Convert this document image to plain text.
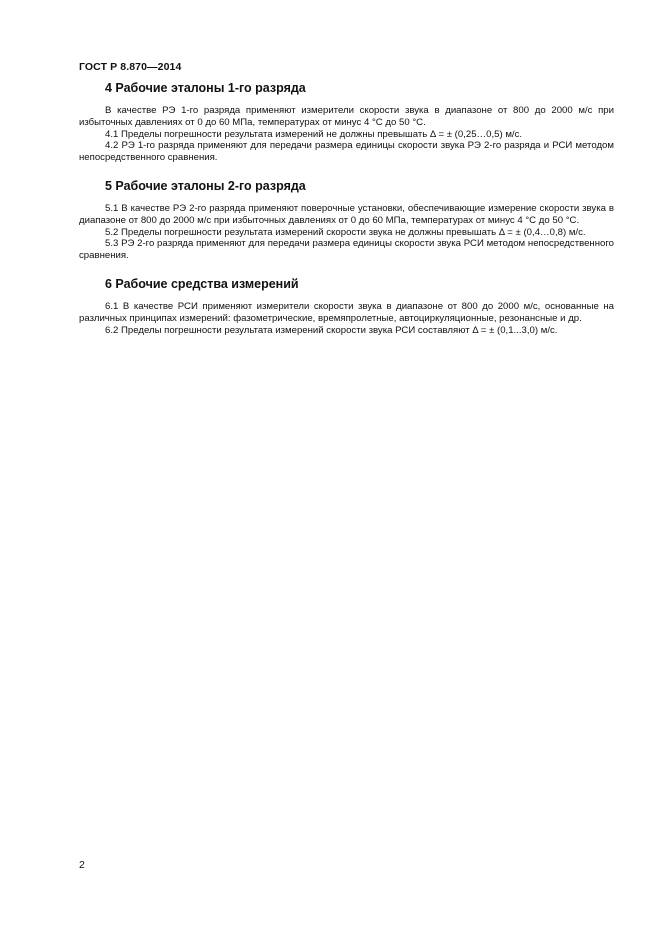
ГОСТ Р 8.870—2014
4 Рабочие эталоны 1-го разряда

В качестве РЭ 1-го разряда применяют измерители скорости звука в диапазоне от 800 до 2000 м/с при избыточных давлениях от 0 до 60 МПа, температурах от минус 4 °С до 50 °С.

4.1 Пределы погрешности результата измерений не должны превышать Δ = ± (0,25…0,5) м/с.

4.2 РЭ 1-го разряда применяют для передачи размера единицы скорости звука РЭ 2-го разряда и РСИ методом непосредственного сравнения.

5 Рабочие эталоны 2-го разряда

5.1 В качестве РЭ 2-го разряда применяют поверочные установки, обеспечивающие измерение скорости звука в диапазоне от 800 до 2000 м/с при избыточных давлениях от 0 до 60 МПа, температурах от минус 4 °С до 50 °С.

5.2 Пределы погрешности результата измерений скорости звука не должны превышать Δ = ± (0,4…0,8) м/с.

5.3 РЭ 2-го разряда применяют для передачи размера единицы скорости звука РСИ методом непосредственного сравнения.

6 Рабочие средства измерений

6.1 В качестве РСИ применяют измерители скорости звука в диапазоне от 800 до 2000 м/с, основанные на различных принципах измерений: фазометрические, времяпролетные, автоциркуляционные, резонансные и др.

6.2 Пределы погрешности результата измерений скорости звука РСИ составляют Δ = ± (0,1...3,0) м/с.

2
